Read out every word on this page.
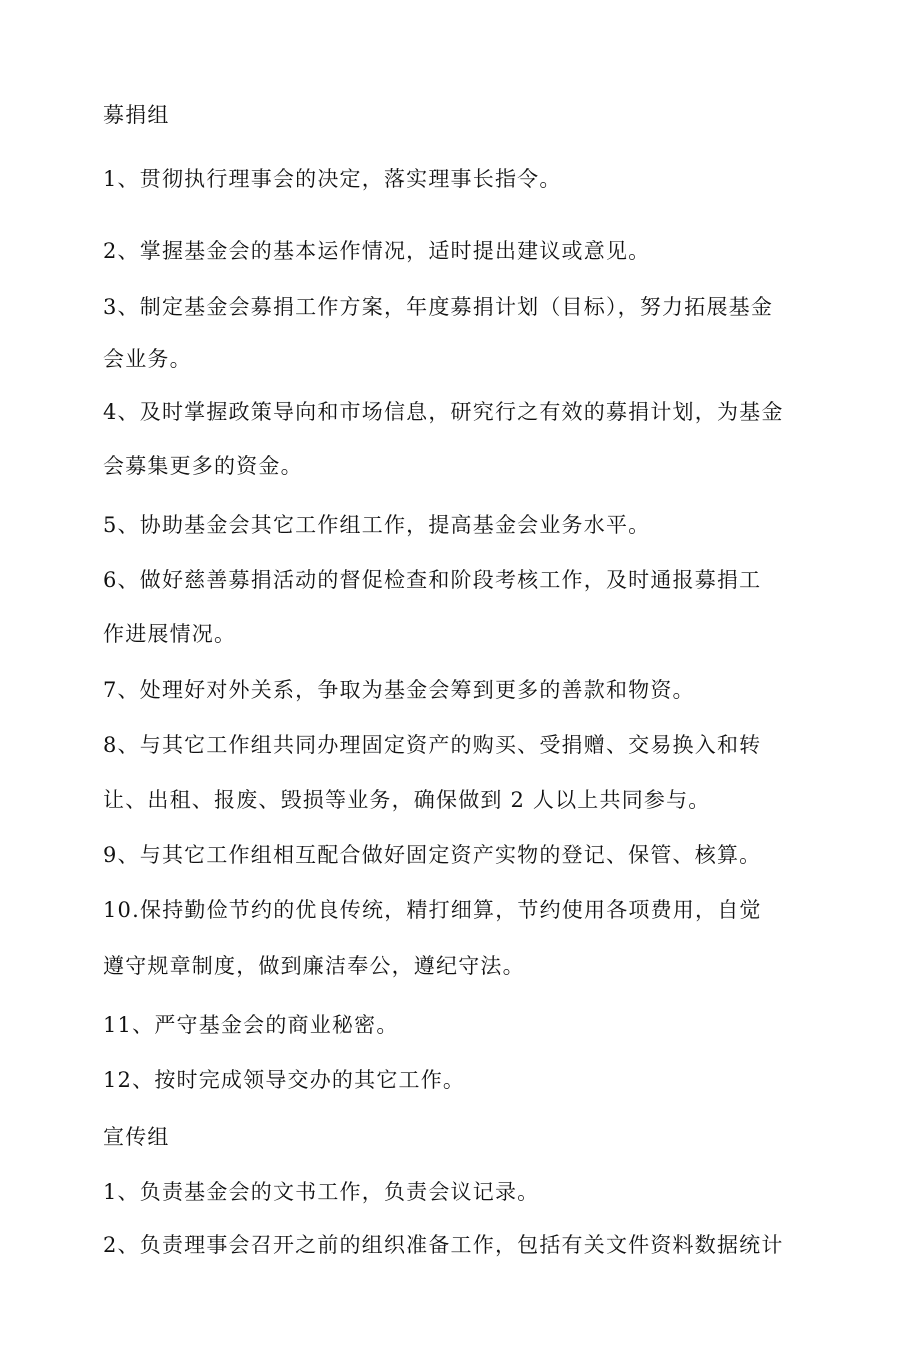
募捐组
1、贯彻执行理事会的决定，落实理事长指令。
2、掌握基金会的基本运作情况，适时提出建议或意见。
3、制定基金会募捐工作方案，年度募捐计划（目标），努力拓展基金
会业务。
4、及时掌握政策导向和市场信息，研究行之有效的募捐计划，为基金
会募集更多的资金。
5、协助基金会其它工作组工作，提高基金会业务水平。
6、做好慈善募捐活动的督促检查和阶段考核工作，及时通报募捐工
作进展情况。
7、处理好对外关系，争取为基金会筹到更多的善款和物资。
8、与其它工作组共同办理固定资产的购买、受捐赠、交易换入和转
让、出租、报废、毁损等业务，确保做到 2 人以上共同参与。
9、与其它工作组相互配合做好固定资产实物的登记、保管、核算。
10.保持勤俭节约的优良传统，精打细算，节约使用各项费用，自觉
遵守规章制度，做到廉洁奉公，遵纪守法。
11、严守基金会的商业秘密。
12、按时完成领导交办的其它工作。
宣传组
1、负责基金会的文书工作，负责会议记录。
2、负责理事会召开之前的组织准备工作，包括有关文件资料数据统计
